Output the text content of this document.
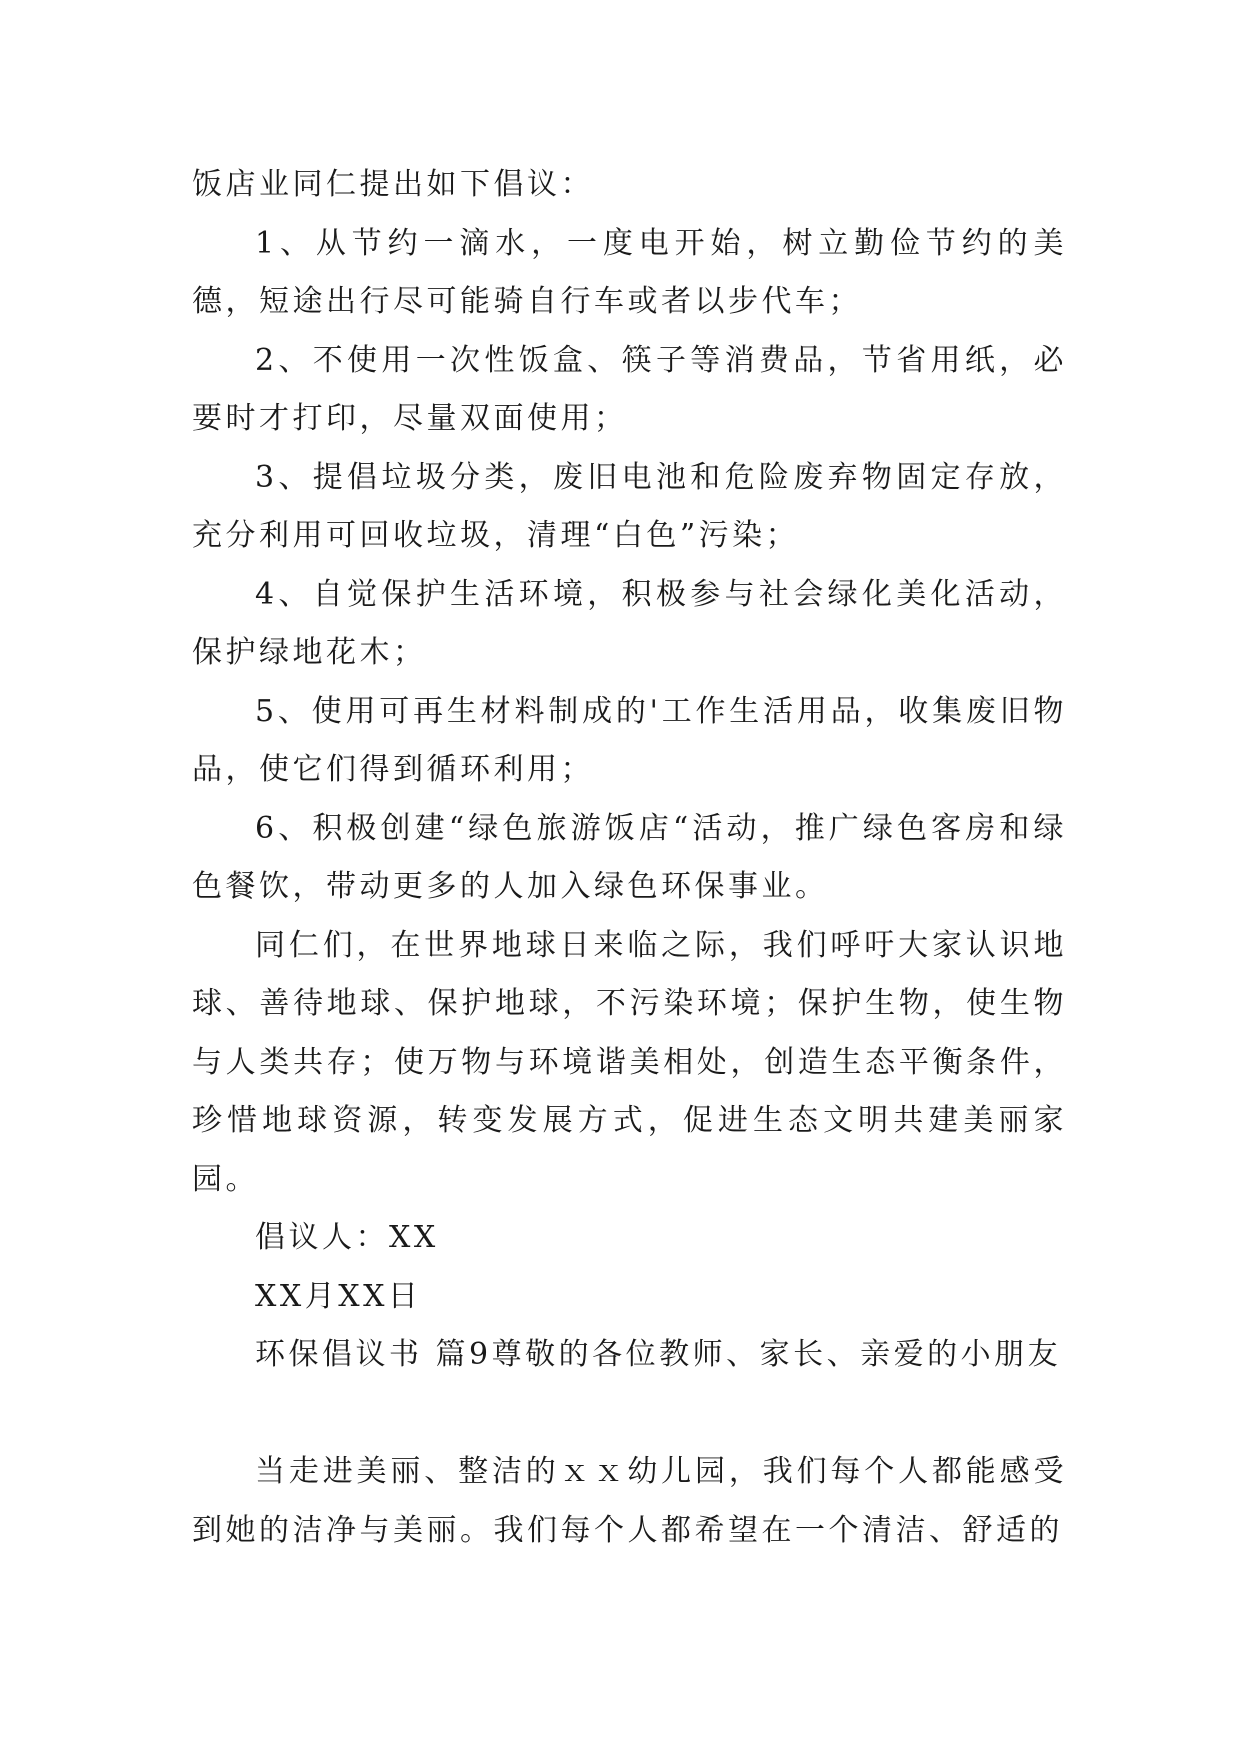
饭店业同仁提出如下倡议：

1、从节约一滴水，一度电开始，树立勤俭节约的美德，短途出行尽可能骑自行车或者以步代车；

2、不使用一次性饭盒、筷子等消费品，节省用纸，必要时才打印，尽量双面使用；

3、提倡垃圾分类，废旧电池和危险废弃物固定存放，充分利用可回收垃圾，清理“白色”污染；

4、自觉保护生活环境，积极参与社会绿化美化活动，保护绿地花木；

5、使用可再生材料制成的'工作生活用品，收集废旧物品，使它们得到循环利用；

6、积极创建“绿色旅游饭店“活动，推广绿色客房和绿色餐饮，带动更多的人加入绿色环保事业。

同仁们，在世界地球日来临之际，我们呼吁大家认识地球、善待地球、保护地球，不污染环境；保护生物，使生物与人类共存；使万物与环境谐美相处，创造生态平衡条件，珍惜地球资源，转变发展方式，促进生态文明共建美丽家园。

倡议人：XX

XX月XX日

环保倡议书 篇9尊敬的各位教师、家长、亲爱的小朋友

当走进美丽、整洁的ｘｘ幼儿园，我们每个人都能感受到她的洁净与美丽。我们每个人都希望在一个清洁、舒适的
